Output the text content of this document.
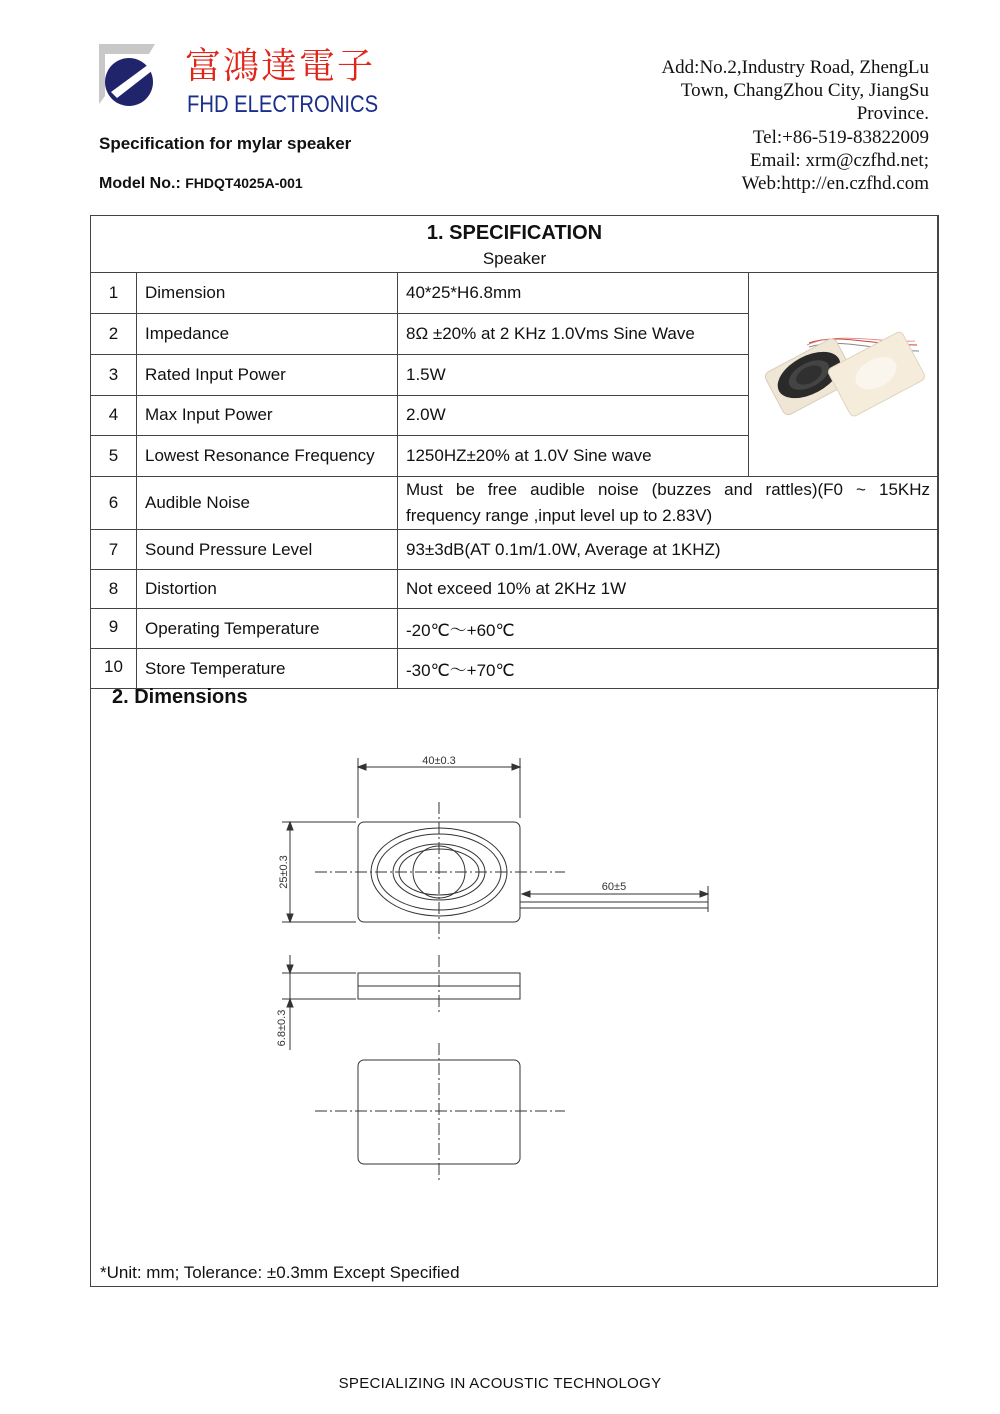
富鴻達電子
FHD ELECTRONICS
Specification for mylar speaker
Model No.: FHDQT4025A-001
Add:No.2,Industry Road, ZhengLu
Town, ChangZhou City, JiangSu
Province.
Tel:+86-519-83822009
Email: xrm@czfhd.net;
Web:http://en.czfhd.com
1. SPECIFICATION
Speaker			

1	Dimension	40*25*H6.8mm	
2	Impedance	8Ω ±20% at 2 KHz 1.0Vms Sine Wave	
3	Rated Input Power	1.5W	
4	Max Input Power	2.0W	
5	Lowest Resonance Frequency	1250HZ±20% at 1.0V Sine wave	
6	Audible Noise	Must be free audible noise (buzzes and rattles)(F0 ~ 15KHz frequency range ,input level up to 2.83V)	
7	Sound Pressure Level	93±3dB(AT 0.1m/1.0W, Average at 1KHZ)	
8	Distortion	Not exceed 10% at 2KHz 1W	
9	Operating Temperature	-20℃～+60℃	
10	Store Temperature	-30℃～+70℃	
2. Dimensions
40±0.3
25±0.3	60±5
6.8±0.3
*Unit: mm; Tolerance: ±0.3mm Except Specified
SPECIALIZING IN ACOUSTIC TECHNOLOGY
